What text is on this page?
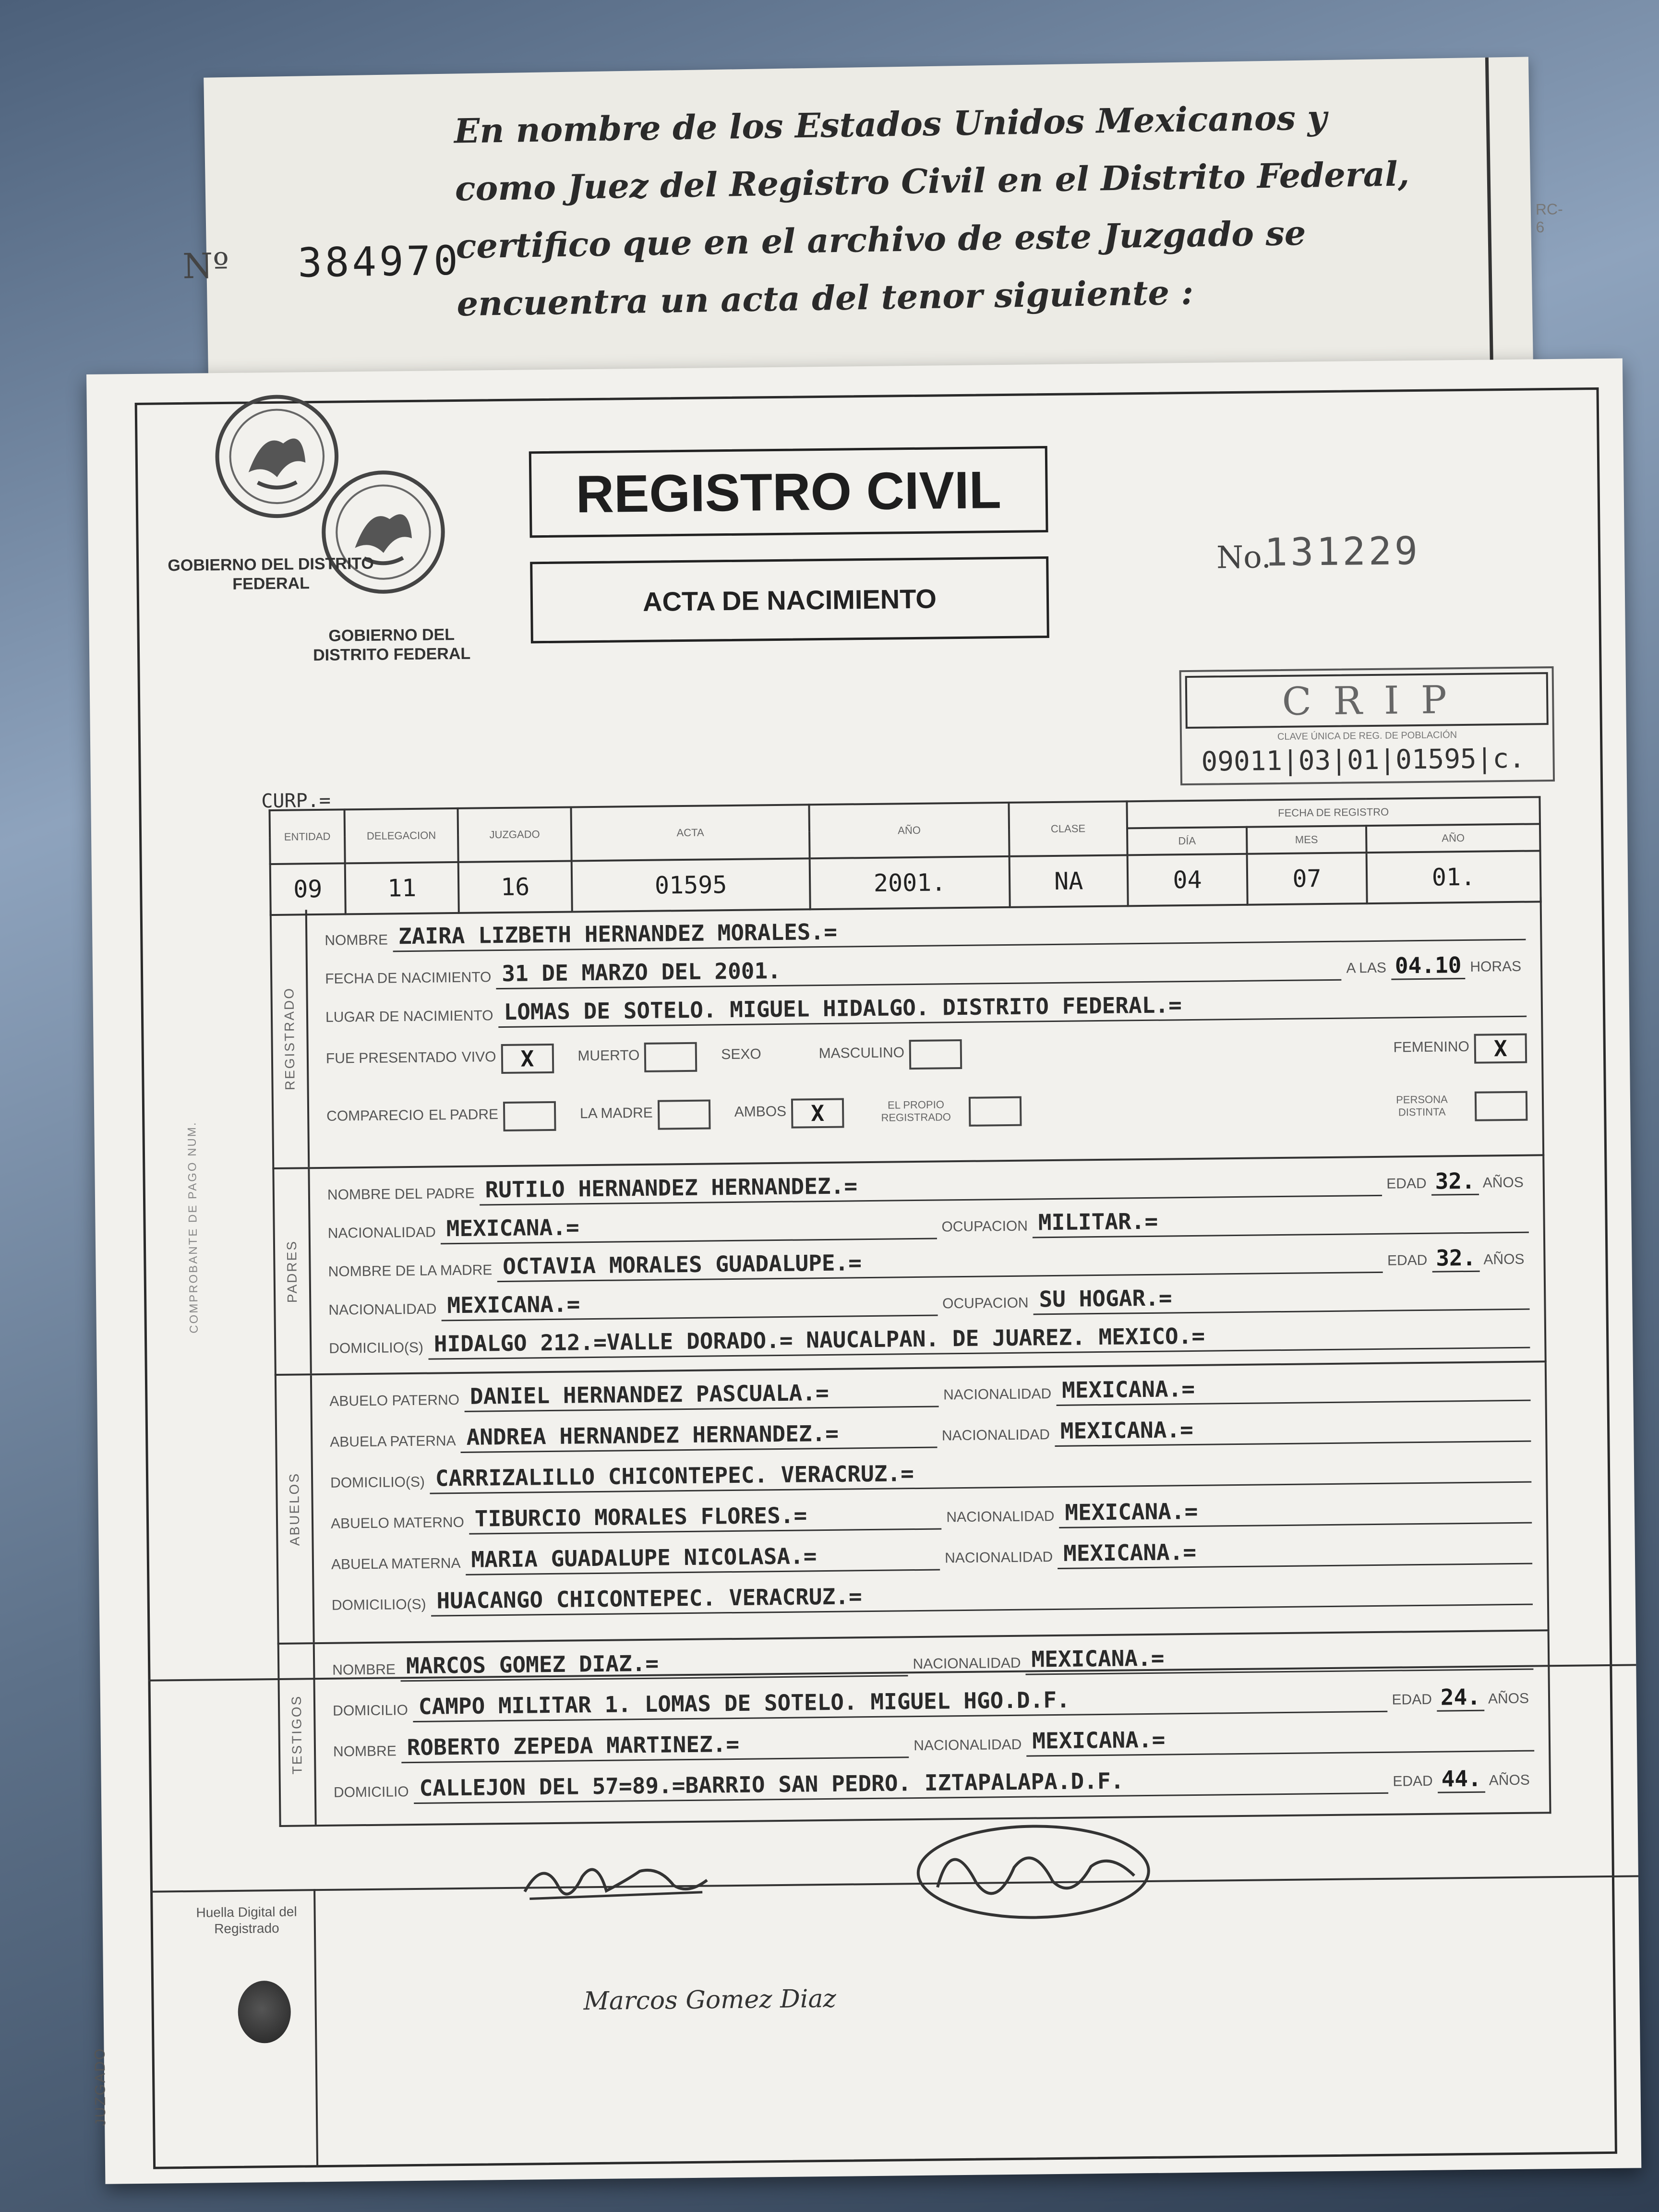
Nº 384970
En nombre de los Estados Unidos Mexicanos y como Juez del Registro Civil en el Distrito Federal, certifico que en el archivo de este Juzgado se encuentra un acta del tenor siguiente :
RC-6
GOBIERNO DEL DISTRITO FEDERAL
GOBIERNO DEL DISTRITO FEDERAL
REGISTRO CIVIL
ACTA DE NACIMIENTO
No.
131229
C R I P
CLAVE ÚNICA DE REG. DE POBLACIÓN
09011|03|01|01595|c.
CURP.=
ENTIDAD	DELEGACION	JUZGADO	ACTA	AÑO	CLASE	FECHA DE REGISTRO		
						DÍA	MES	AÑO
09	11	16	01595	2001.	NA	04	07	01.
REGISTRADO
NOMBRE ZAIRA LIZBETH HERNANDEZ MORALES.=
FECHA DE NACIMIENTO 31 DE MARZO DEL 2001.	A LAS 04.10 HORAS
LUGAR DE NACIMIENTO LOMAS DE SOTELO. MIGUEL HIDALGO. DISTRITO FEDERAL.=
FUE PRESENTADO VIVO	X	MUERTO	SEXO	MASCULINO	FEMENINO	X
COMPARECIO EL PADRE	LA MADRE	AMBOS	X	EL PROPIO REGISTRADO
PERSONA DISTINTA
PADRES
NOMBRE DEL PADRE RUTILO HERNANDEZ HERNANDEZ.=	EDAD 32. AÑOS
NACIONALIDAD MEXICANA.=	OCUPACION MILITAR.=
NOMBRE DE LA MADRE OCTAVIA MORALES GUADALUPE.=	EDAD 32. AÑOS
NACIONALIDAD MEXICANA.=	OCUPACION SU HOGAR.=
DOMICILIO(S) HIDALGO 212.=VALLE DORADO.= NAUCALPAN. DE JUAREZ. MEXICO.=
ABUELOS
ABUELO PATERNO DANIEL HERNANDEZ PASCUALA.=	NACIONALIDAD MEXICANA.=
ABUELA PATERNA ANDREA HERNANDEZ HERNANDEZ.=	NACIONALIDAD MEXICANA.=
DOMICILIO(S) CARRIZALILLO CHICONTEPEC. VERACRUZ.=
ABUELO MATERNO TIBURCIO MORALES FLORES.=	NACIONALIDAD MEXICANA.=
ABUELA MATERNA MARIA GUADALUPE NICOLASA.=	NACIONALIDAD MEXICANA.=
DOMICILIO(S) HUACANGO CHICONTEPEC. VERACRUZ.=
COMPROBANTE DE PAGO NUM.
TESTIGOS
NOMBRE MARCOS GOMEZ DIAZ.=	NACIONALIDAD MEXICANA.=
DOMICILIO CAMPO MILITAR 1. LOMAS DE SOTELO. MIGUEL HGO.D.F.	EDAD 24. AÑOS
NOMBRE ROBERTO ZEPEDA MARTINEZ.=	NACIONALIDAD MEXICANA.=
DOMICILIO CALLEJON DEL 57=89.=BARRIO SAN PEDRO. IZTAPALAPA.D.F.	EDAD 44. AÑOS
Huella Digital del Registrado
JUZGADO
Marcos Gomez Diaz
